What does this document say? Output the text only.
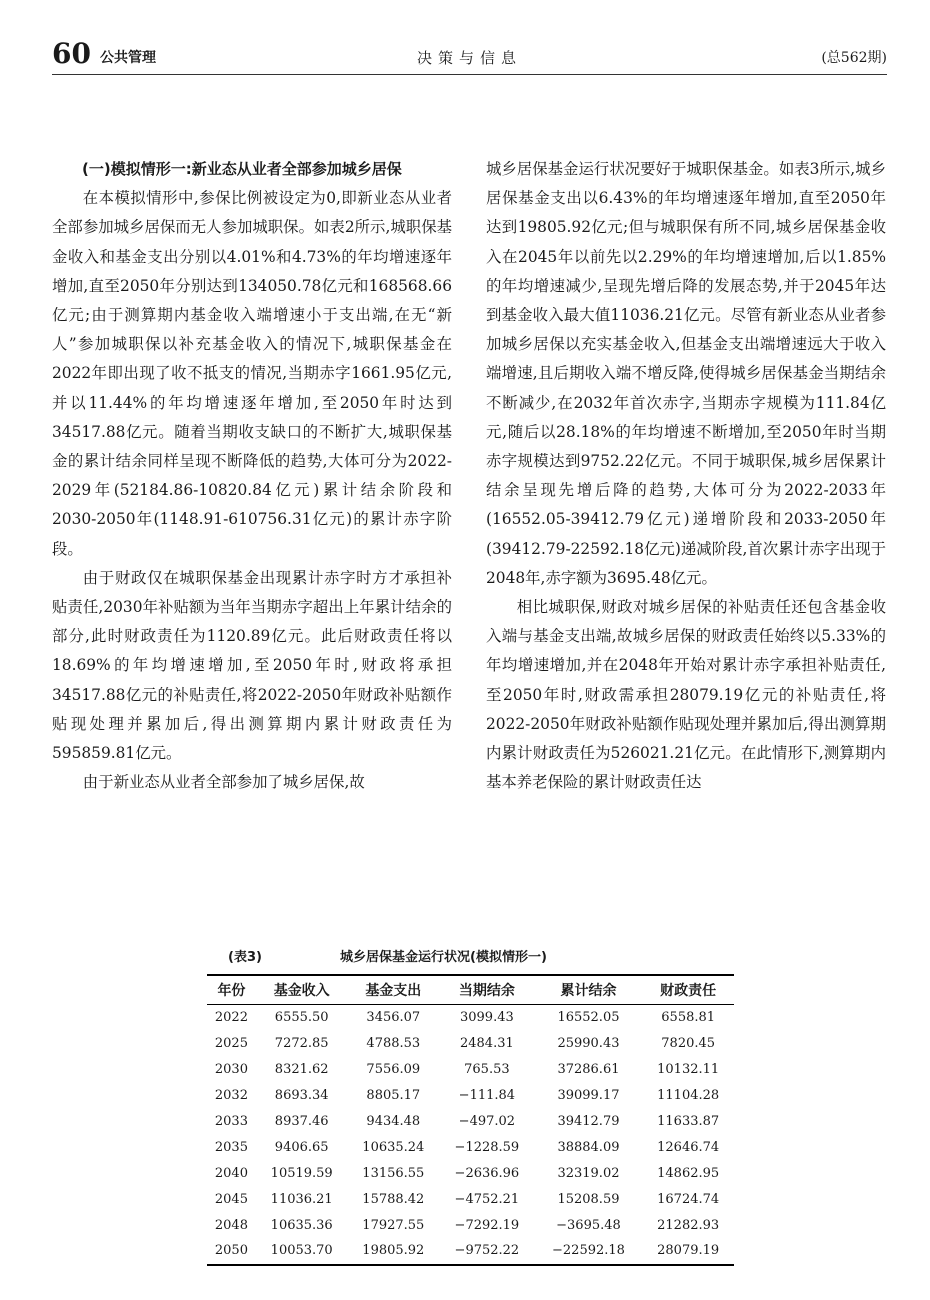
60 公共管理	决策与信息	(总562期)
(一)模拟情形一:新业态从业者全部参加城乡居保

在本模拟情形中,参保比例被设定为0,即新业态从业者全部参加城乡居保而无人参加城职保。如表2所示,城职保基金收入和基金支出分别以4.01%和4.73%的年均增速逐年增加,直至2050年分别达到134050.78亿元和168568.66亿元;由于测算期内基金收入端增速小于支出端,在无“新人”参加城职保以补充基金收入的情况下,城职保基金在2022年即出现了收不抵支的情况,当期赤字1661.95亿元,并以11.44%的年均增速逐年增加,至2050年时达到34517.88亿元。随着当期收支缺口的不断扩大,城职保基金的累计结余同样呈现不断降低的趋势,大体可分为2022-2029年(52184.86-10820.84亿元)累计结余阶段和2030-2050年(1148.91-610756.31亿元)的累计赤字阶段。

由于财政仅在城职保基金出现累计赤字时方才承担补贴责任,2030年补贴额为当年当期赤字超出上年累计结余的部分,此时财政责任为1120.89亿元。此后财政责任将以18.69%的年均增速增加,至2050年时,财政将承担34517.88亿元的补贴责任,将2022-2050年财政补贴额作贴现处理并累加后,得出测算期内累计财政责任为595859.81亿元。

由于新业态从业者全部参加了城乡居保,故

城乡居保基金运行状况要好于城职保基金。如表3所示,城乡居保基金支出以6.43%的年均增速逐年增加,直至2050年达到19805.92亿元;但与城职保有所不同,城乡居保基金收入在2045年以前先以2.29%的年均增速增加,后以1.85%的年均增速减少,呈现先增后降的发展态势,并于2045年达到基金收入最大值11036.21亿元。尽管有新业态从业者参加城乡居保以充实基金收入,但基金支出端增速远大于收入端增速,且后期收入端不增反降,使得城乡居保基金当期结余不断减少,在2032年首次赤字,当期赤字规模为111.84亿元,随后以28.18%的年均增速不断增加,至2050年时当期赤字规模达到9752.22亿元。不同于城职保,城乡居保累计结余呈现先增后降的趋势,大体可分为2022-2033年(16552.05-39412.79亿元)递增阶段和2033-2050年(39412.79-22592.18亿元)递减阶段,首次累计赤字出现于2048年,赤字额为3695.48亿元。

相比城职保,财政对城乡居保的补贴责任还包含基金收入端与基金支出端,故城乡居保的财政责任始终以5.33%的年均增速增加,并在2048年开始对累计赤字承担补贴责任,至2050年时,财政需承担28079.19亿元的补贴责任,将2022-2050年财政补贴额作贴现处理并累加后,得出测算期内累计财政责任为526021.21亿元。在此情形下,测算期内基本养老保险的累计财政责任达

(表3)	城乡居保基金运行状况(模拟情形一)
年份	基金收入	基金支出	当期结余	累计结余	财政责任
2022	6555.50	3456.07	3099.43	16552.05	6558.81
2025	7272.85	4788.53	2484.31	25990.43	7820.45
2030	8321.62	7556.09	765.53	37286.61	10132.11
2032	8693.34	8805.17	−111.84	39099.17	11104.28
2033	8937.46	9434.48	−497.02	39412.79	11633.87
2035	9406.65	10635.24	−1228.59	38884.09	12646.74
2040	10519.59	13156.55	−2636.96	32319.02	14862.95
2045	11036.21	15788.42	−4752.21	15208.59	16724.74
2048	10635.36	17927.55	−7292.19	−3695.48	21282.93
2050	10053.70	19805.92	−9752.22	−22592.18	28079.19
